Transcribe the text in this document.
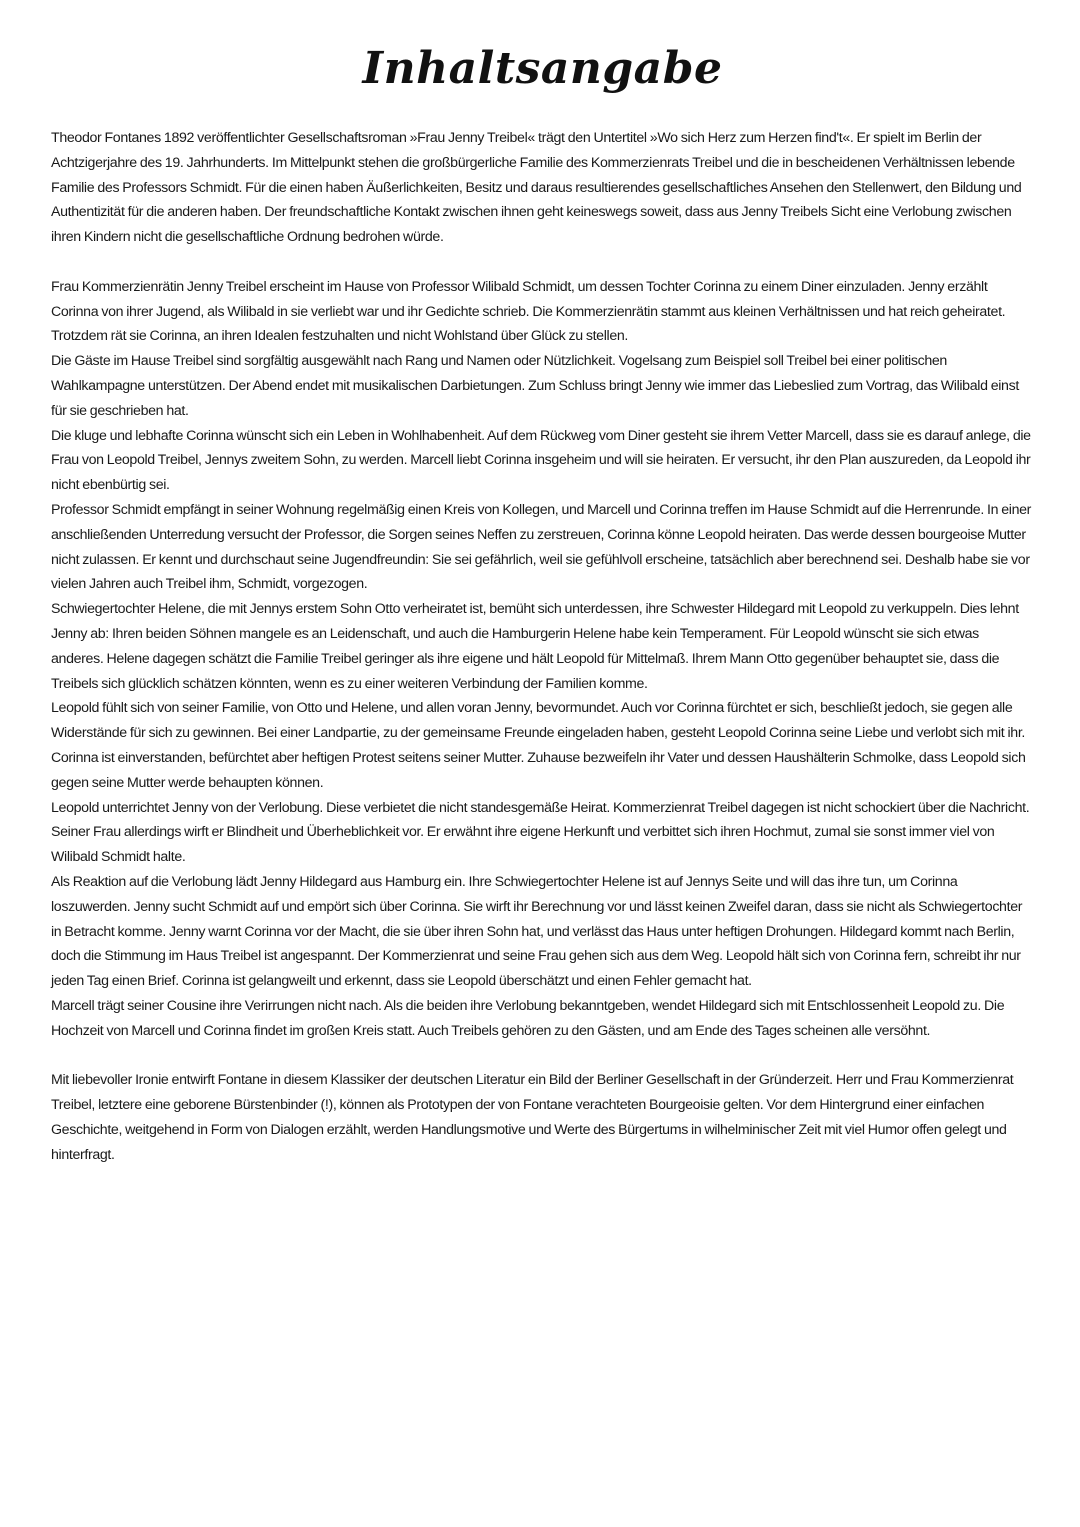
Inhaltsangabe

Theodor Fontanes 1892 veröffentlichter Gesellschaftsroman »Frau Jenny Treibel« trägt den Untertitel »Wo sich Herz zum Herzen find't«. Er spielt im Berlin der Achtzigerjahre des 19. Jahrhunderts. Im Mittelpunkt stehen die großbürgerliche Familie des Kommerzienrats Treibel und die in bescheidenen Verhältnissen lebende Familie des Professors Schmidt. Für die einen haben Äußerlichkeiten, Besitz und daraus resultierendes gesellschaftliches Ansehen den Stellenwert, den Bildung und Authentizität für die anderen haben. Der freundschaftliche Kontakt zwischen ihnen geht keineswegs soweit, dass aus Jenny Treibels Sicht eine Verlobung zwischen ihren Kindern nicht die gesellschaftliche Ordnung bedrohen würde.

Frau Kommerzienrätin Jenny Treibel erscheint im Hause von Professor Wilibald Schmidt, um dessen Tochter Corinna zu einem Diner einzuladen. Jenny erzählt Corinna von ihrer Jugend, als Wilibald in sie verliebt war und ihr Gedichte schrieb. Die Kommerzienrätin stammt aus kleinen Verhältnissen und hat reich geheiratet. Trotzdem rät sie Corinna, an ihren Idealen festzuhalten und nicht Wohlstand über Glück zu stellen.

Die Gäste im Hause Treibel sind sorgfältig ausgewählt nach Rang und Namen oder Nützlichkeit. Vogelsang zum Beispiel soll Treibel bei einer politischen Wahlkampagne unterstützen. Der Abend endet mit musikalischen Darbietungen. Zum Schluss bringt Jenny wie immer das Liebeslied zum Vortrag, das Wilibald einst für sie geschrieben hat.

Die kluge und lebhafte Corinna wünscht sich ein Leben in Wohlhabenheit. Auf dem Rückweg vom Diner gesteht sie ihrem Vetter Marcell, dass sie es darauf anlege, die Frau von Leopold Treibel, Jennys zweitem Sohn, zu werden. Marcell liebt Corinna insgeheim und will sie heiraten. Er versucht, ihr den Plan auszureden, da Leopold ihr nicht ebenbürtig sei.

Professor Schmidt empfängt in seiner Wohnung regelmäßig einen Kreis von Kollegen, und Marcell und Corinna treffen im Hause Schmidt auf die Herrenrunde. In einer anschließenden Unterredung versucht der Professor, die Sorgen seines Neffen zu zerstreuen, Corinna könne Leopold heiraten. Das werde dessen bourgeoise Mutter nicht zulassen. Er kennt und durchschaut seine Jugendfreundin: Sie sei gefährlich, weil sie gefühlvoll erscheine, tatsächlich aber berechnend sei. Deshalb habe sie vor vielen Jahren auch Treibel ihm, Schmidt, vorgezogen.

Schwiegertochter Helene, die mit Jennys erstem Sohn Otto verheiratet ist, bemüht sich unterdessen, ihre Schwester Hildegard mit Leopold zu verkuppeln. Dies lehnt Jenny ab: Ihren beiden Söhnen mangele es an Leidenschaft, und auch die Hamburgerin Helene habe kein Temperament. Für Leopold wünscht sie sich etwas anderes. Helene dagegen schätzt die Familie Treibel geringer als ihre eigene und hält Leopold für Mittelmaß. Ihrem Mann Otto gegenüber behauptet sie, dass die Treibels sich glücklich schätzen könnten, wenn es zu einer weiteren Verbindung der Familien komme.

Leopold fühlt sich von seiner Familie, von Otto und Helene, und allen voran Jenny, bevormundet. Auch vor Corinna fürchtet er sich, beschließt jedoch, sie gegen alle Widerstände für sich zu gewinnen. Bei einer Landpartie, zu der gemeinsame Freunde eingeladen haben, gesteht Leopold Corinna seine Liebe und verlobt sich mit ihr. Corinna ist einverstanden, befürchtet aber heftigen Protest seitens seiner Mutter. Zuhause bezweifeln ihr Vater und dessen Haushälterin Schmolke, dass Leopold sich gegen seine Mutter werde behaupten können.

Leopold unterrichtet Jenny von der Verlobung. Diese verbietet die nicht standesgemäße Heirat. Kommerzienrat Treibel dagegen ist nicht schockiert über die Nachricht. Seiner Frau allerdings wirft er Blindheit und Überheblichkeit vor. Er erwähnt ihre eigene Herkunft und verbittet sich ihren Hochmut, zumal sie sonst immer viel von Wilibald Schmidt halte.

Als Reaktion auf die Verlobung lädt Jenny Hildegard aus Hamburg ein. Ihre Schwiegertochter Helene ist auf Jennys Seite und will das ihre tun, um Corinna loszuwerden. Jenny sucht Schmidt auf und empört sich über Corinna. Sie wirft ihr Berechnung vor und lässt keinen Zweifel daran, dass sie nicht als Schwiegertochter in Betracht komme. Jenny warnt Corinna vor der Macht, die sie über ihren Sohn hat, und verlässt das Haus unter heftigen Drohungen. Hildegard kommt nach Berlin, doch die Stimmung im Haus Treibel ist angespannt. Der Kommerzienrat und seine Frau gehen sich aus dem Weg. Leopold hält sich von Corinna fern, schreibt ihr nur jeden Tag einen Brief. Corinna ist gelangweilt und erkennt, dass sie Leopold überschätzt und einen Fehler gemacht hat.

Marcell trägt seiner Cousine ihre Verirrungen nicht nach. Als die beiden ihre Verlobung bekanntgeben, wendet Hildegard sich mit Entschlossenheit Leopold zu. Die Hochzeit von Marcell und Corinna findet im großen Kreis statt. Auch Treibels gehören zu den Gästen, und am Ende des Tages scheinen alle versöhnt.

Mit liebevoller Ironie entwirft Fontane in diesem Klassiker der deutschen Literatur ein Bild der Berliner Gesellschaft in der Gründerzeit. Herr und Frau Kommerzienrat Treibel, letztere eine geborene Bürstenbinder (!), können als Prototypen der von Fontane verachteten Bourgeoisie gelten. Vor dem Hintergrund einer einfachen Geschichte, weitgehend in Form von Dialogen erzählt, werden Handlungsmotive und Werte des Bürgertums in wilhelminischer Zeit mit viel Humor offen gelegt und hinterfragt.
